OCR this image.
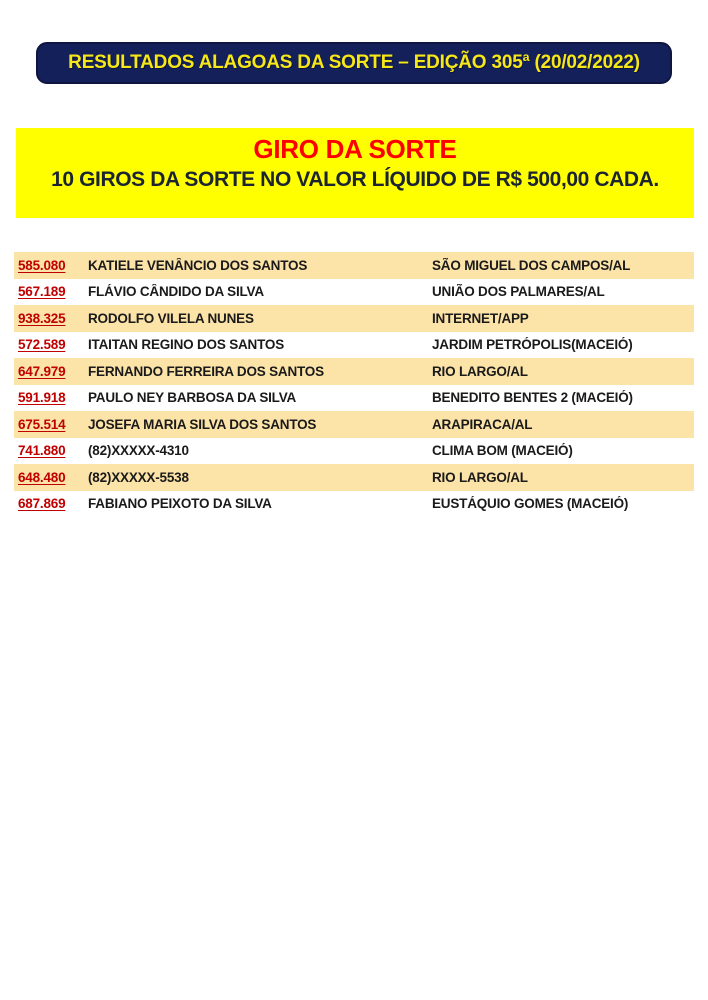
RESULTADOS ALAGOAS DA SORTE – EDIÇÃO 305ª (20/02/2022)
GIRO DA SORTE
10 GIROS DA SORTE NO VALOR LÍQUIDO DE R$ 500,00 CADA.
585.080	KATIELE VENÂNCIO DOS SANTOS	SÃO MIGUEL DOS CAMPOS/AL
567.189	FLÁVIO CÂNDIDO DA SILVA	UNIÃO DOS PALMARES/AL
938.325	RODOLFO VILELA NUNES	INTERNET/APP
572.589	ITAITAN REGINO DOS SANTOS	JARDIM PETRÓPOLIS(MACEIÓ)
647.979	FERNANDO FERREIRA DOS SANTOS	RIO LARGO/AL
591.918	PAULO NEY BARBOSA DA SILVA	BENEDITO BENTES 2 (MACEIÓ)
675.514	JOSEFA MARIA SILVA DOS SANTOS	ARAPIRACA/AL
741.880	(82)XXXXX-4310	CLIMA BOM (MACEIÓ)
648.480	(82)XXXXX-5538	RIO LARGO/AL
687.869	FABIANO PEIXOTO DA SILVA	EUSTÁQUIO GOMES (MACEIÓ)
